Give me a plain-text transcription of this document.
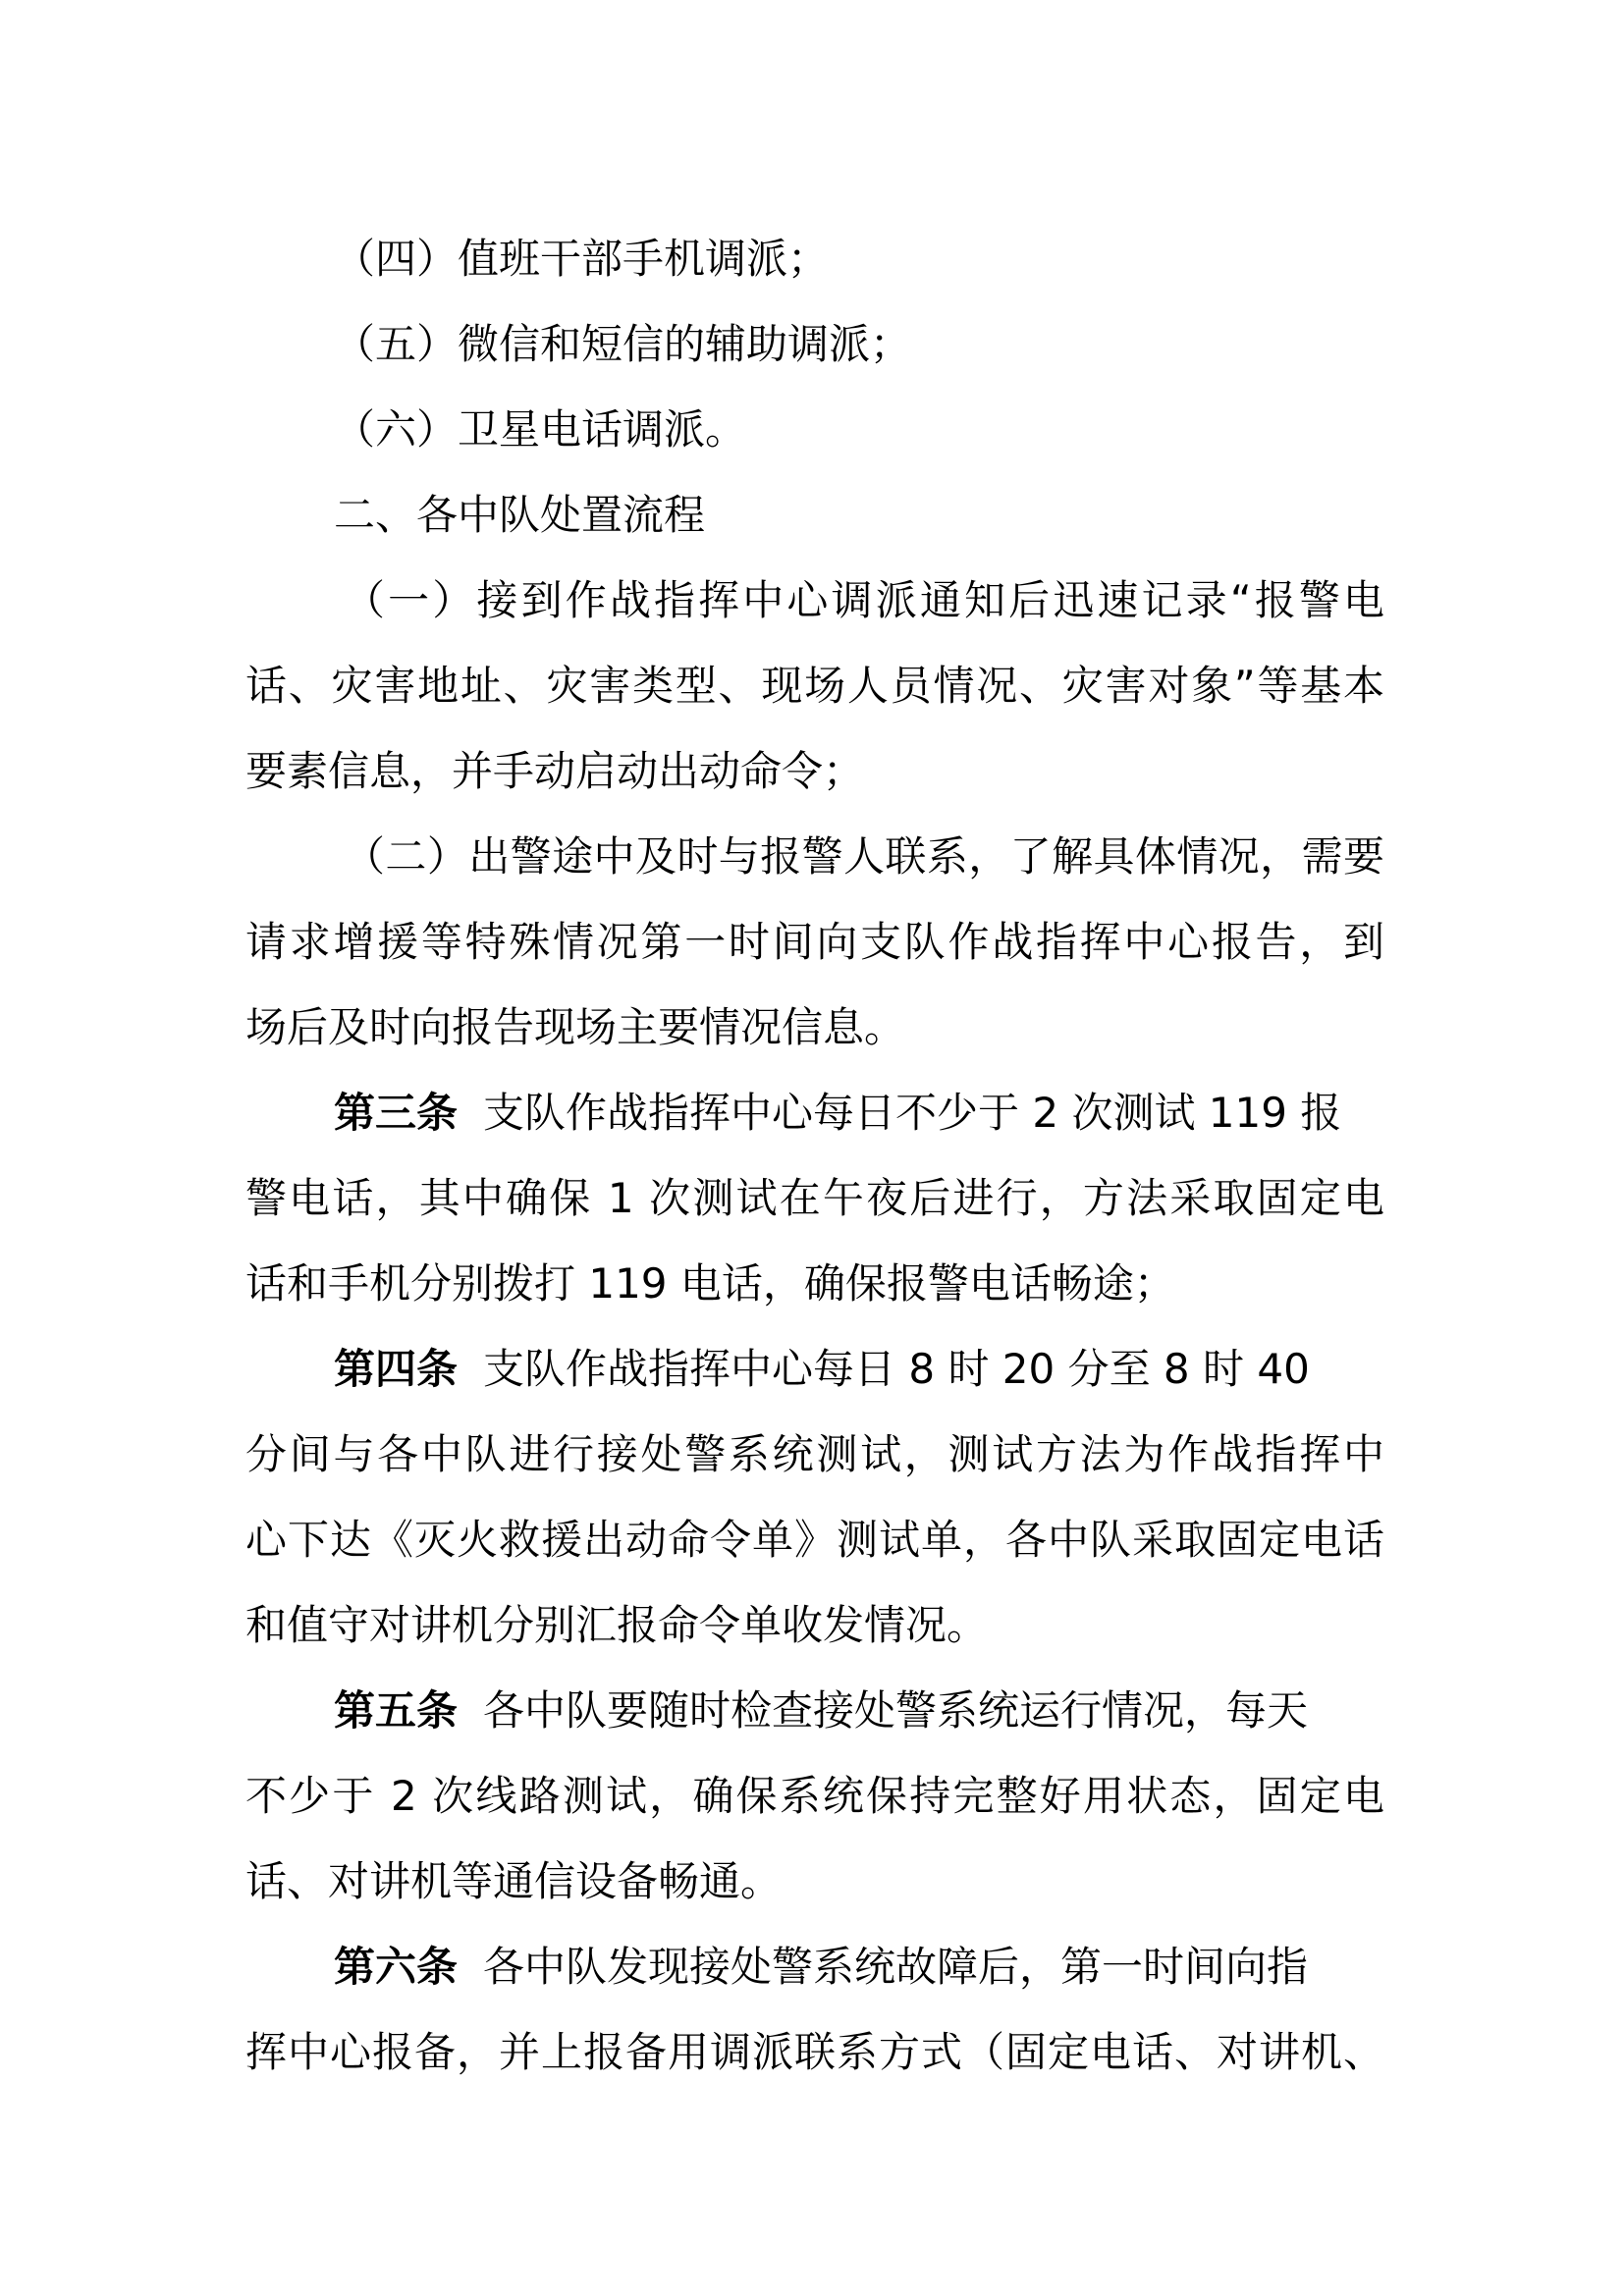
（四）值班干部手机调派；
（五）微信和短信的辅助调派；
（六）卫星电话调派。
二、各中队处置流程
（一）接到作战指挥中心调派通知后迅速记录“报警电
话、灾害地址、灾害类型、现场人员情况、灾害对象”等基本
要素信息，并手动启动出动命令；
（二）出警途中及时与报警人联系，了解具体情况，需要
请求增援等特殊情况第一时间向支队作战指挥中心报告，到
场后及时向报告现场主要情况信息。
第三条 支队作战指挥中心每日不少于 2 次测试 119 报
警电话，其中确保 1 次测试在午夜后进行，方法采取固定电
话和手机分别拨打 119 电话，确保报警电话畅途；
第四条 支队作战指挥中心每日 8 时 20 分至 8 时 40
分间与各中队进行接处警系统测试，测试方法为作战指挥中
心下达《灭火救援出动命令单》测试单，各中队采取固定电话
和值守对讲机分别汇报命令单收发情况。
第五条 各中队要随时检查接处警系统运行情况，每天
不少于 2 次线路测试，确保系统保持完整好用状态，固定电
话、对讲机等通信设备畅通。
第六条 各中队发现接处警系统故障后，第一时间向指
挥中心报备，并上报备用调派联系方式（固定电话、对讲机、
